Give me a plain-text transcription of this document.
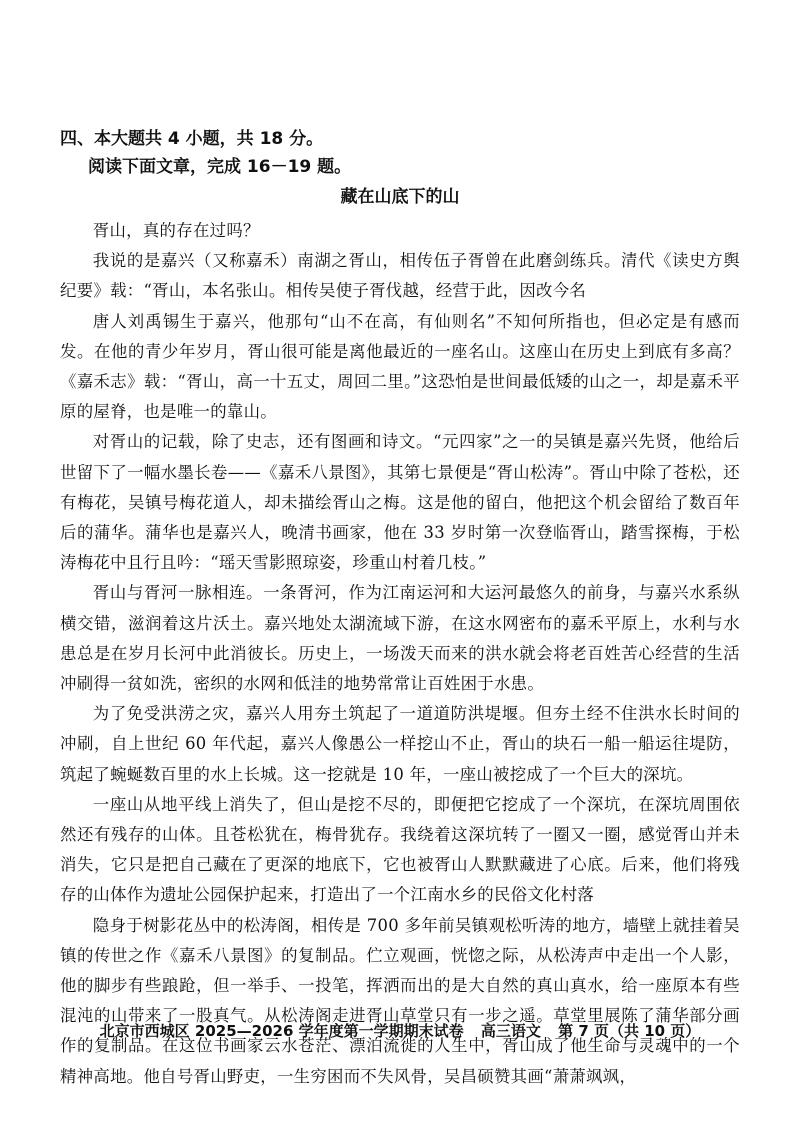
四、本大题共 4 小题，共 18 分。

阅读下面文章，完成 16－19 题。

藏在山底下的山

胥山，真的存在过吗？

我说的是嘉兴（又称嘉禾）南湖之胥山，相传伍子胥曾在此磨剑练兵。清代《读史方舆纪要》载：“胥山，本名张山。相传吴使子胥伐越，经营于此，因改今名

唐人刘禹锡生于嘉兴，他那句“山不在高，有仙则名”不知何所指也，但必定是有感而发。在他的青少年岁月，胥山很可能是离他最近的一座名山。这座山在历史上到底有多高？《嘉禾志》载：“胥山，高一十五丈，周回二里。”这恐怕是世间最低矮的山之一，却是嘉禾平原的屋脊，也是唯一的靠山。

对胥山的记载，除了史志，还有图画和诗文。“元四家”之一的吴镇是嘉兴先贤，他给后世留下了一幅水墨长卷——《嘉禾八景图》，其第七景便是“胥山松涛”。胥山中除了苍松，还有梅花，吴镇号梅花道人，却未描绘胥山之梅。这是他的留白，他把这个机会留给了数百年后的蒲华。蒲华也是嘉兴人，晚清书画家，他在 33 岁时第一次登临胥山，踏雪探梅，于松涛梅花中且行且吟：“瑶天雪影照琼姿，珍重山村着几枝。”

胥山与胥河一脉相连。一条胥河，作为江南运河和大运河最悠久的前身，与嘉兴水系纵横交错，滋润着这片沃土。嘉兴地处太湖流域下游，在这水网密布的嘉禾平原上，水利与水患总是在岁月长河中此消彼长。历史上，一场泼天而来的洪水就会将老百姓苦心经营的生活冲刷得一贫如洗，密织的水网和低洼的地势常常让百姓困于水患。

为了免受洪涝之灾，嘉兴人用夯土筑起了一道道防洪堤堰。但夯土经不住洪水长时间的冲刷，自上世纪 60 年代起，嘉兴人像愚公一样挖山不止，胥山的块石一船一船运往堤防，筑起了蜿蜒数百里的水上长城。这一挖就是 10 年，一座山被挖成了一个巨大的深坑。

一座山从地平线上消失了，但山是挖不尽的，即便把它挖成了一个深坑，在深坑周围依然还有残存的山体。且苍松犹在，梅骨犹存。我绕着这深坑转了一圈又一圈，感觉胥山并未消失，它只是把自己藏在了更深的地底下，它也被胥山人默默藏进了心底。后来，他们将残存的山体作为遗址公园保护起来，打造出了一个江南水乡的民俗文化村落

隐身于树影花丛中的松涛阁，相传是 700 多年前吴镇观松听涛的地方，墙壁上就挂着吴镇的传世之作《嘉禾八景图》的复制品。伫立观画，恍惚之际，从松涛声中走出一个人影，他的脚步有些踉跄，但一举手、一投笔，挥洒而出的是大自然的真山真水，给一座原本有些混沌的山带来了一股真气。从松涛阁走进胥山草堂只有一步之遥。草堂里展陈了蒲华部分画作的复制品。在这位书画家云水苍茫、漂泊流徙的人生中，胥山成了他生命与灵魂中的一个精神高地。他自号胥山野吏，一生穷困而不失风骨，吴昌硕赞其画“萧萧飒飒，

北京市西城区 2025—2026 学年度第一学期期末试卷 高三语文 第 7 页（共 10 页）
